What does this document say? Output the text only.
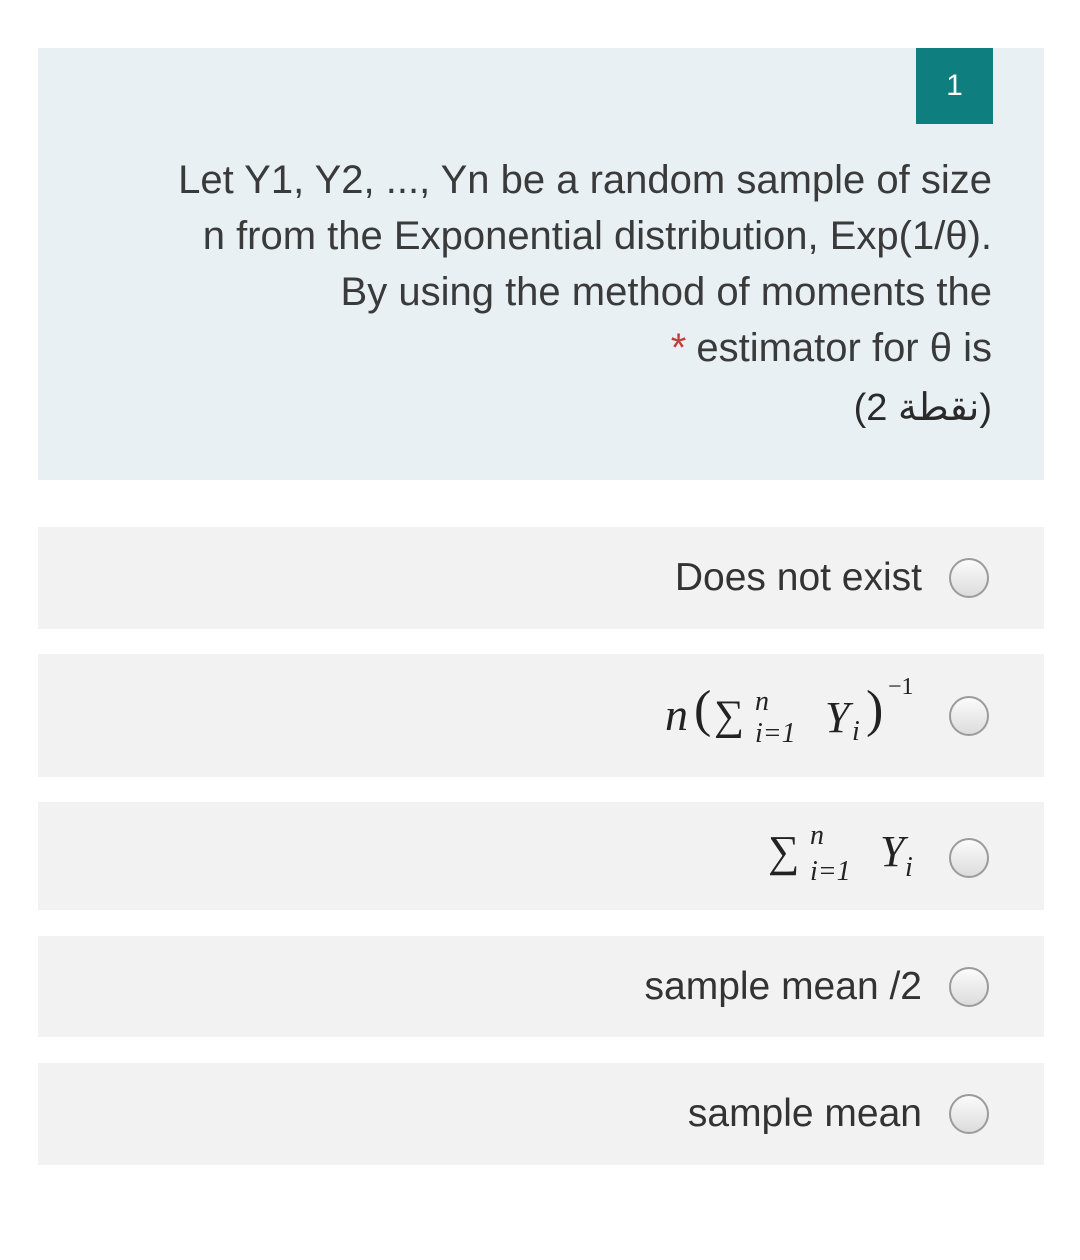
1
Let Y1, Y2, ..., Yn be a random sample of size
n from the Exponential distribution, Exp(1/θ).
By using the method of moments the
* estimator for θ is
(2 نقطة)
Does not exist
n ( ∑ n
i=1 Y i ) −1
∑ n
i=1 Y i
sample mean /2
sample mean
